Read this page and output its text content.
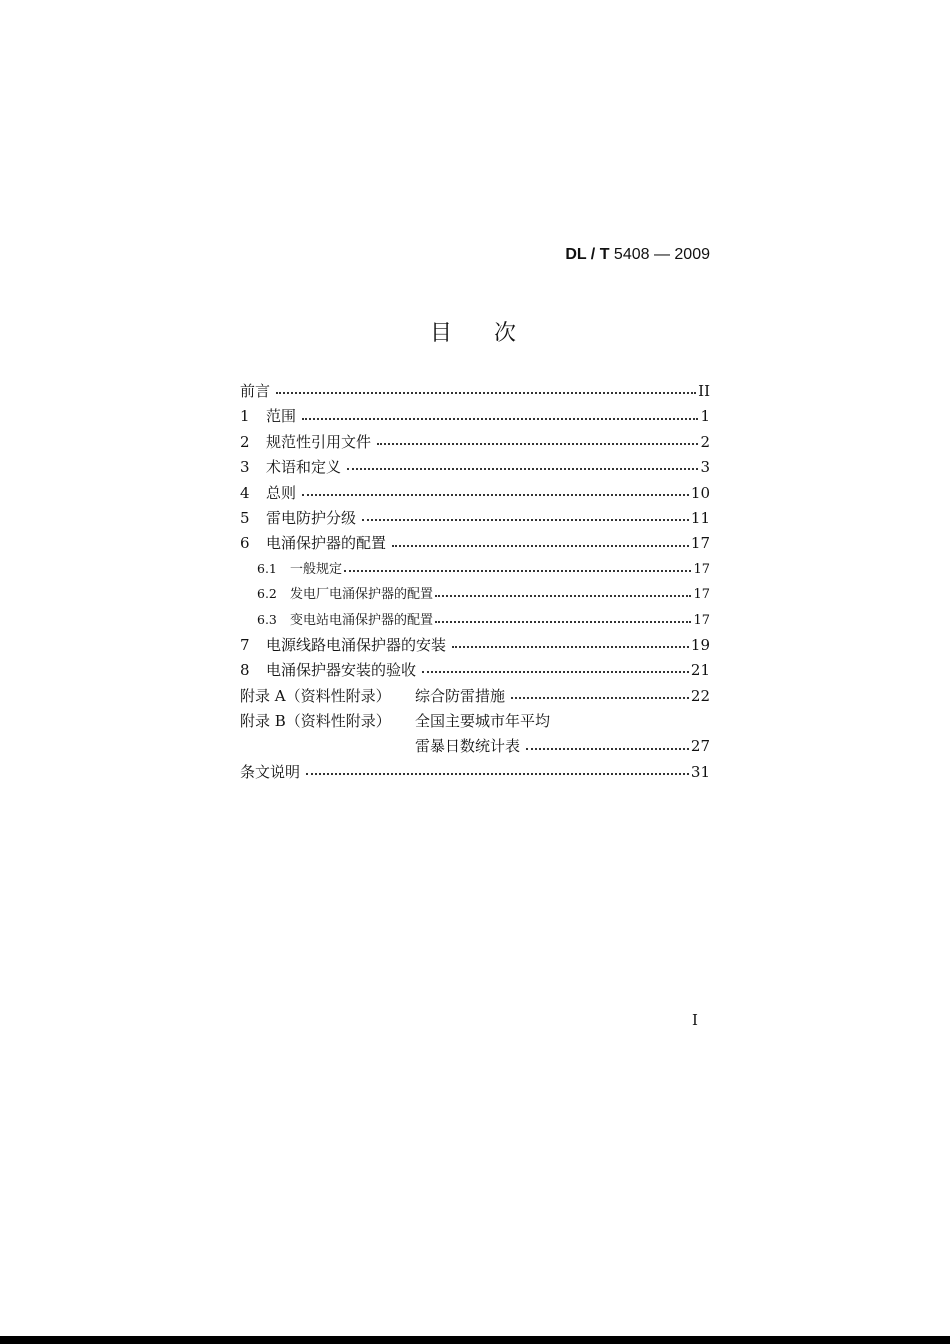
DL / T 5408 — 2009
目次
前言	II
1	范围	1
2	规范性引用文件	2
3	术语和定义	3
4	总则	10
5	雷电防护分级	11
6	电涌保护器的配置	17
6.1	一般规定	17
6.2	发电厂电涌保护器的配置	17
6.3	变电站电涌保护器的配置	17
7	电源线路电涌保护器的安装	19
8	电涌保护器安装的验收	21
附录 A（资料性附录）	综合防雷措施	22
附录 B（资料性附录）	全国主要城市年平均
雷暴日数统计表	27
条文说明	31
I
